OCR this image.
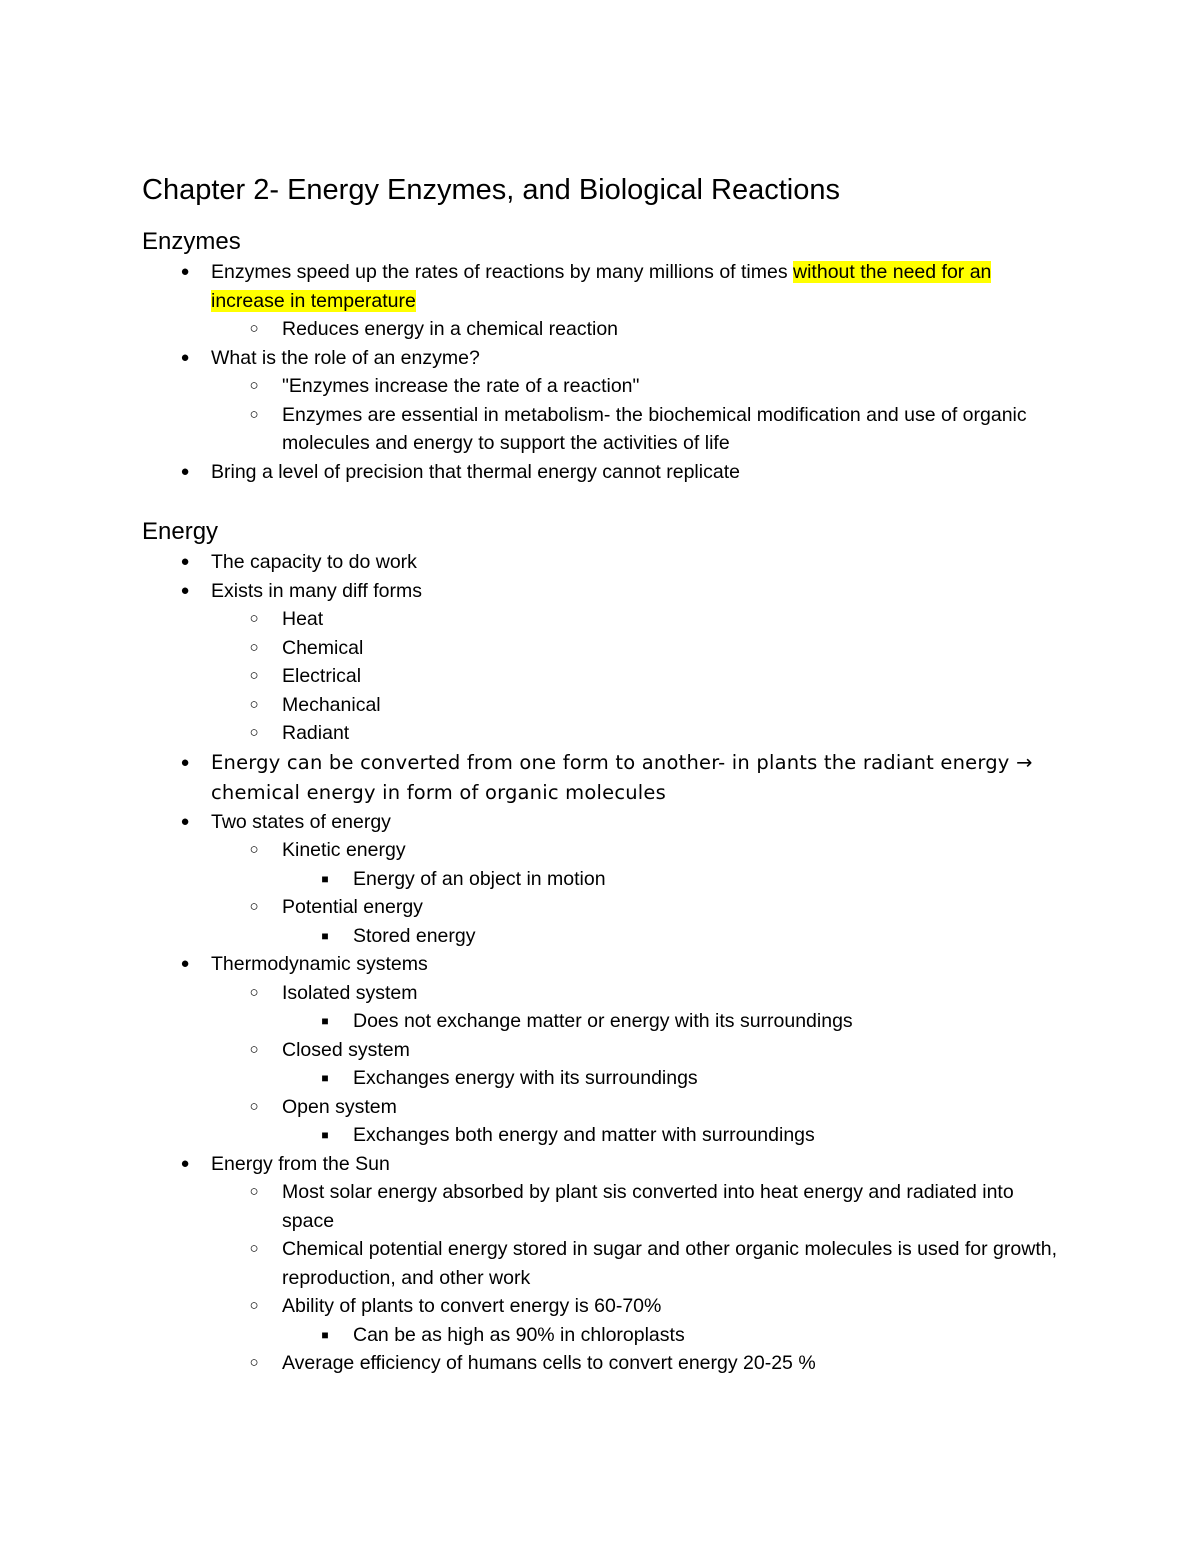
Chapter 2- Energy Enzymes, and Biological Reactions
Enzymes
● Enzymes speed up the rates of reactions by many millions of times without the need for an increase in temperature
○ Reduces energy in a chemical reaction
● What is the role of an enzyme?
○ "Enzymes increase the rate of a reaction"
○ Enzymes are essential in metabolism- the biochemical modification and use of organic molecules and energy to support the activities of life
● Bring a level of precision that thermal energy cannot replicate
Energy
● The capacity to do work
● Exists in many diff forms
○ Heat
○ Chemical
○ Electrical
○ Mechanical
○ Radiant
● Energy can be converted from one form to another- in plants the radiant energy → chemical energy in form of organic molecules
● Two states of energy
○ Kinetic energy
■ Energy of an object in motion
○ Potential energy
■ Stored energy
● Thermodynamic systems
○ Isolated system
■ Does not exchange matter or energy with its surroundings
○ Closed system
■ Exchanges energy with its surroundings
○ Open system
■ Exchanges both energy and matter with surroundings
● Energy from the Sun
○ Most solar energy absorbed by plant sis converted into heat energy and radiated into space
○ Chemical potential energy stored in sugar and other organic molecules is used for growth, reproduction, and other work
○ Ability of plants to convert energy is 60-70%
■ Can be as high as 90% in chloroplasts
○ Average efficiency of humans cells to convert energy 20-25 %
